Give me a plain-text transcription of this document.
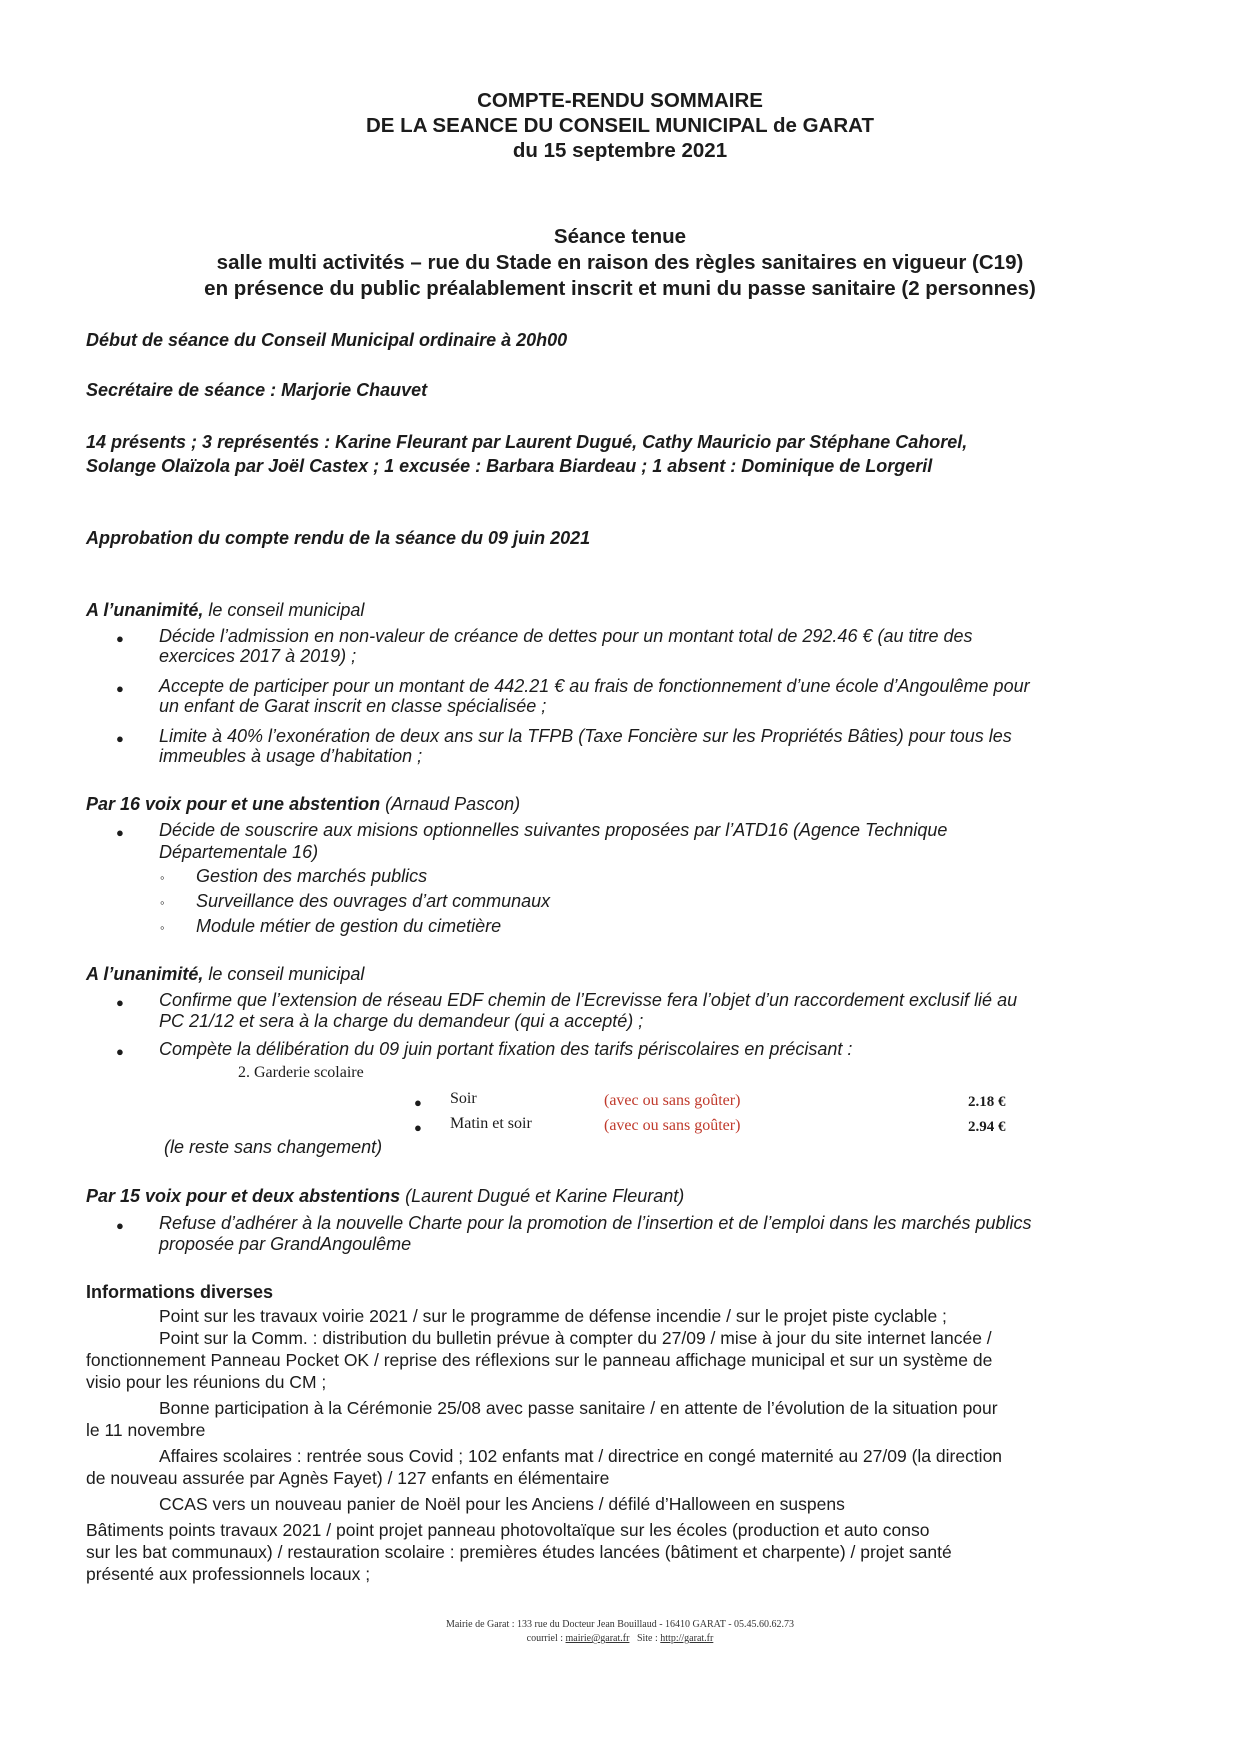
COMPTE-RENDU SOMMAIRE
DE LA SEANCE DU CONSEIL MUNICIPAL de GARAT
du 15 septembre 2021
Séance tenue
salle multi activités – rue du Stade en raison des règles sanitaires en vigueur (C19)
en présence du public préalablement inscrit et muni du passe sanitaire (2 personnes)
Début de séance du Conseil Municipal ordinaire à 20h00
Secrétaire de séance : Marjorie Chauvet
14 présents ; 3 représentés : Karine Fleurant par Laurent Dugué, Cathy Mauricio par Stéphane Cahorel,
Solange Olaïzola par Joël Castex ; 1 excusée : Barbara Biardeau ; 1 absent : Dominique de Lorgeril
Approbation du compte rendu de la séance du 09 juin 2021
A l’unanimité, le conseil municipal
● Décide l’admission en non-valeur de créance de dettes pour un montant total de 292.46 € (au titre des
exercices 2017 à 2019) ;
● Accepte de participer pour un montant de 442.21 € au frais de fonctionnement d’une école d’Angoulême pour
un enfant de Garat inscrit en classe spécialisée ;
● Limite à 40% l’exonération de deux ans sur la TFPB (Taxe Foncière sur les Propriétés Bâties) pour tous les
immeubles à usage d’habitation ;
Par 16 voix pour et une abstention (Arnaud Pascon)
● Décide de souscrire aux misions optionnelles suivantes proposées par l’ATD16 (Agence Technique
Départementale 16)
◦ Gestion des marchés publics
◦ Surveillance des ouvrages d’art communaux
◦ Module métier de gestion du cimetière
A l’unanimité, le conseil municipal
● Confirme que l’extension de réseau EDF chemin de l’Ecrevisse fera l’objet d’un raccordement exclusif lié au
PC 21/12 et sera à la charge du demandeur (qui a accepté) ;
● Compète la délibération du 09 juin portant fixation des tarifs périscolaires en précisant :
2. Garderie scolaire
● Soir	(avec ou sans goûter)	2.18 €
● Matin et soir	(avec ou sans goûter)	2.94 €
(le reste sans changement)
Par 15 voix pour et deux abstentions (Laurent Dugué et Karine Fleurant)
● Refuse d’adhérer à la nouvelle Charte pour la promotion de l’insertion et de l’emploi dans les marchés publics
proposée par GrandAngoulême
Informations diverses
Point sur les travaux voirie 2021 / sur le programme de défense incendie / sur le projet piste cyclable ;
Point sur la Comm. : distribution du bulletin prévue à compter du 27/09 / mise à jour du site internet lancée /
fonctionnement Panneau Pocket OK / reprise des réflexions sur le panneau affichage municipal et sur un système de
visio pour les réunions du CM ;
Bonne participation à la Cérémonie 25/08 avec passe sanitaire / en attente de l’évolution de la situation pour
le 11 novembre
Affaires scolaires : rentrée sous Covid ; 102 enfants mat / directrice en congé maternité au 27/09 (la direction
de nouveau assurée par Agnès Fayet) / 127 enfants en élémentaire
CCAS vers un nouveau panier de Noël pour les Anciens / défilé d’Halloween en suspens
Bâtiments points travaux 2021 / point projet panneau photovoltaïque sur les écoles (production et auto conso
sur les bat communaux) / restauration scolaire : premières études lancées (bâtiment et charpente) / projet santé
présenté aux professionnels locaux ;
Mairie de Garat : 133 rue du Docteur Jean Bouillaud - 16410 GARAT - 05.45.60.62.73
courriel : mairie@garat.fr   Site : http://garat.fr
